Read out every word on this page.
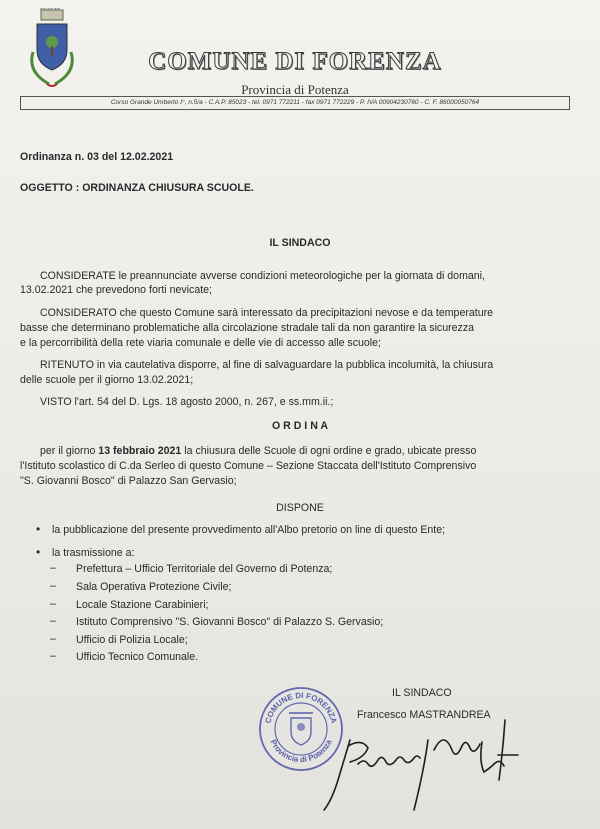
COMUNE DI FORENZA
Provincia di Potenza
Corso Grande Umberto I°, n.5/a - C.A.P. 85023 - tel. 0971 772211 - fax 0971 772229 - P. IVA 00904230760 - C. F. 86000050764
Ordinanza n. 03 del 12.02.2021
OGGETTO : ORDINANZA CHIUSURA SCUOLE.
IL SINDACO
CONSIDERATE le preannunciate avverse condizioni meteorologiche per la giornata di domani,
13.02.2021 che prevedono forti nevicate;
CONSIDERATO che questo Comune sarà interessato da precipitazioni nevose e da temperature
basse che determinano problematiche alla circolazione stradale tali da non garantire la sicurezza
e la percorribilità della rete viaria comunale e delle vie di accesso alle scuole;
RITENUTO in via cautelativa disporre, al fine di salvaguardare la pubblica incolumità, la chiusura
delle scuole per il giorno 13.02.2021;
VISTO l'art. 54 del D. Lgs. 18 agosto 2000, n. 267, e ss.mm.ii.;
O R D I N A
per il giorno 13 febbraio 2021 la chiusura delle Scuole di ogni ordine e grado, ubicate presso
l'Istituto scolastico di C.da Serleo di questo Comune – Sezione Staccata dell'Istituto Comprensivo
"S. Giovanni Bosco" di Palazzo San Gervasio;
DISPONE
• la pubblicazione del presente provvedimento all'Albo pretorio on line di questo Ente;
• la trasmissione a:
– Prefettura – Ufficio Territoriale del Governo di Potenza;
– Sala Operativa Protezione Civile;
– Locale Stazione Carabinieri;
– Istituto Comprensivo "S. Giovanni Bosco" di Palazzo S. Gervasio;
– Ufficio di Polizia Locale;
– Ufficio Tecnico Comunale.
COMUNE DI FORENZA
Provincia di Potenza
IL SINDACO
Francesco MASTRANDREA
